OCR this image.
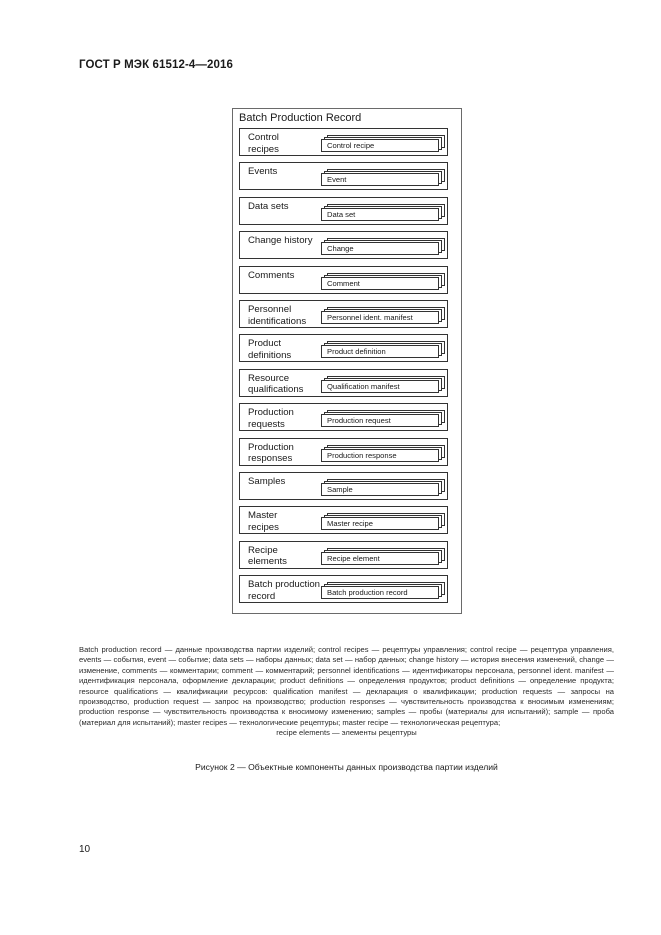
ГОСТ Р МЭК 61512-4—2016
Batch Production Record
Control
recipes	Control recipe
Events
Event
Data sets
Data set
Change history
Change
Comments
Comment
Personnel
identifications	Personnel ident. manifest
Product
definitions	Product definition
Resource
qualifications	Qualification manifest
Production
requests	Production request
Production
responses	Production response
Samples
Sample
Master
recipes	Master recipe
Recipe
elements	Recipe element
Batch production
record	Batch production record
Batch production record — данные производства партии изделий; control recipes — рецептуры управления; control recipe — рецептура управления, events — события, event — событие; data sets — наборы данных; data set — набор данных; change history — история внесения изменений, change — изменение, comments — комментарии; comment — комментарий; personnel identifications — идентификаторы персонала, personnel ident. manifest — идентификация персонала, оформление декларации; product definitions — определения продуктов; product definitions — определение продукта; resource qualifications — квалификации ресурсов: qualification manifest — декларация о квалификации; production requests — запросы на производство, production request — запрос на производство; production responses — чувствительность производства к вносимым изменениям; production response — чувствительность производства к вносимому изменению; samples — пробы (материалы для испытаний); sample — проба (материал для испытаний); master recipes — технологические рецептуры; master recipe — технологическая рецептура;
recipe elements — элементы рецептуры
Рисунок 2 — Объектные компоненты данных производства партии изделий
10
